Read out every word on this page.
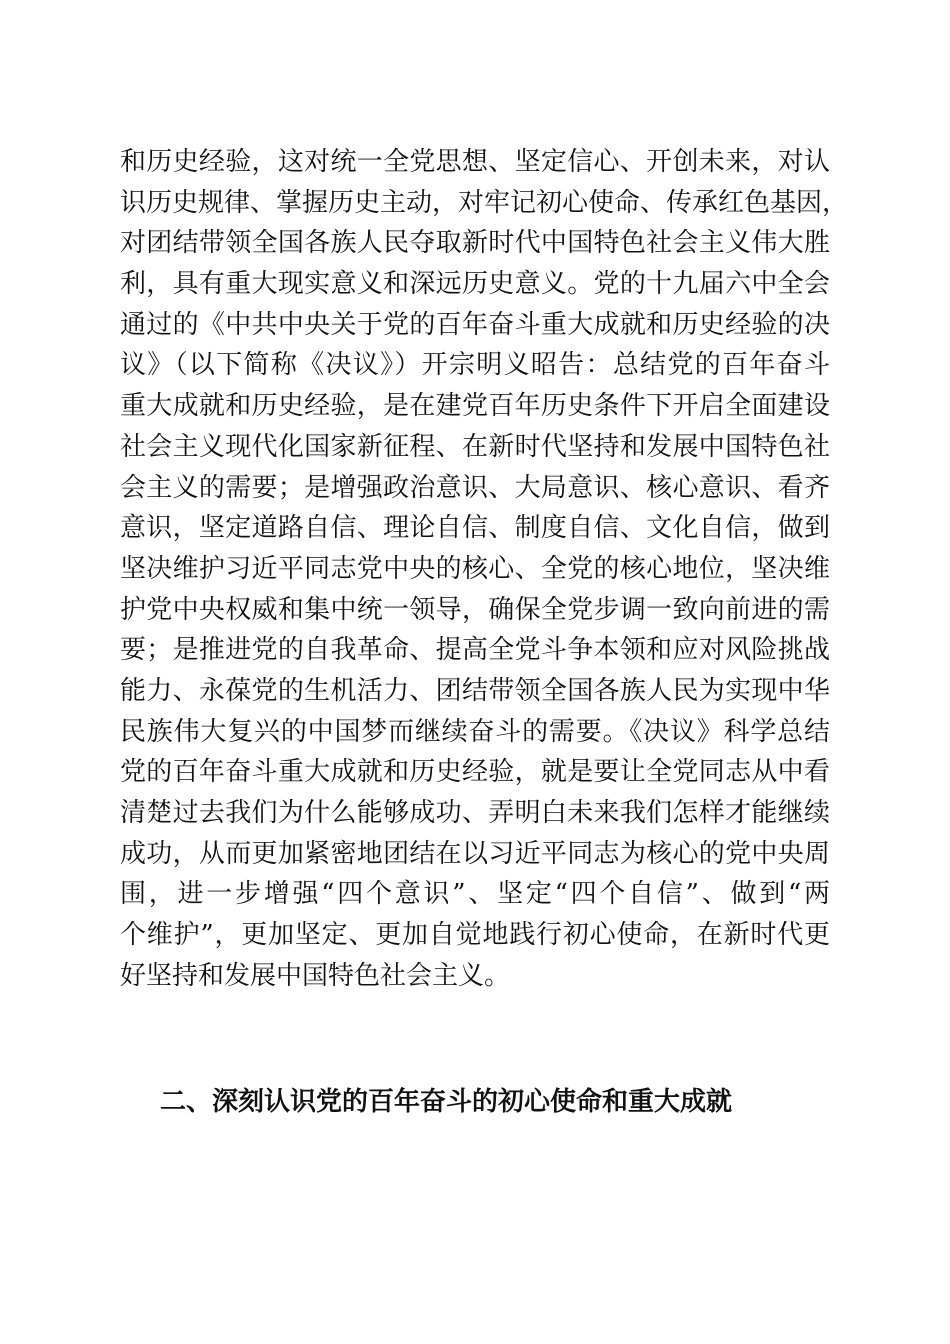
和历史经验，这对统一全党思想、坚定信心、开创未来，对认
识历史规律、掌握历史主动，对牢记初心使命、传承红色基因，
对团结带领全国各族人民夺取新时代中国特色社会主义伟大胜
利，具有重大现实意义和深远历史意义。党的十九届六中全会
通过的《中共中央关于党的百年奋斗重大成就和历史经验的决
议》（以下简称《决议》）开宗明义昭告：总结党的百年奋斗
重大成就和历史经验，是在建党百年历史条件下开启全面建设
社会主义现代化国家新征程、在新时代坚持和发展中国特色社
会主义的需要；是增强政治意识、大局意识、核心意识、看齐
意识，坚定道路自信、理论自信、制度自信、文化自信，做到
坚决维护习近平同志党中央的核心、全党的核心地位，坚决维
护党中央权威和集中统一领导，确保全党步调一致向前进的需
要；是推进党的自我革命、提高全党斗争本领和应对风险挑战
能力、永葆党的生机活力、团结带领全国各族人民为实现中华
民族伟大复兴的中国梦而继续奋斗的需要。《决议》科学总结
党的百年奋斗重大成就和历史经验，就是要让全党同志从中看
清楚过去我们为什么能够成功、弄明白未来我们怎样才能继续
成功，从而更加紧密地团结在以习近平同志为核心的党中央周
围，进一步增强“四个意识”、坚定“四个自信”、做到“两
个维护”，更加坚定、更加自觉地践行初心使命，在新时代更
好坚持和发展中国特色社会主义。
二、深刻认识党的百年奋斗的初心使命和重大成就
